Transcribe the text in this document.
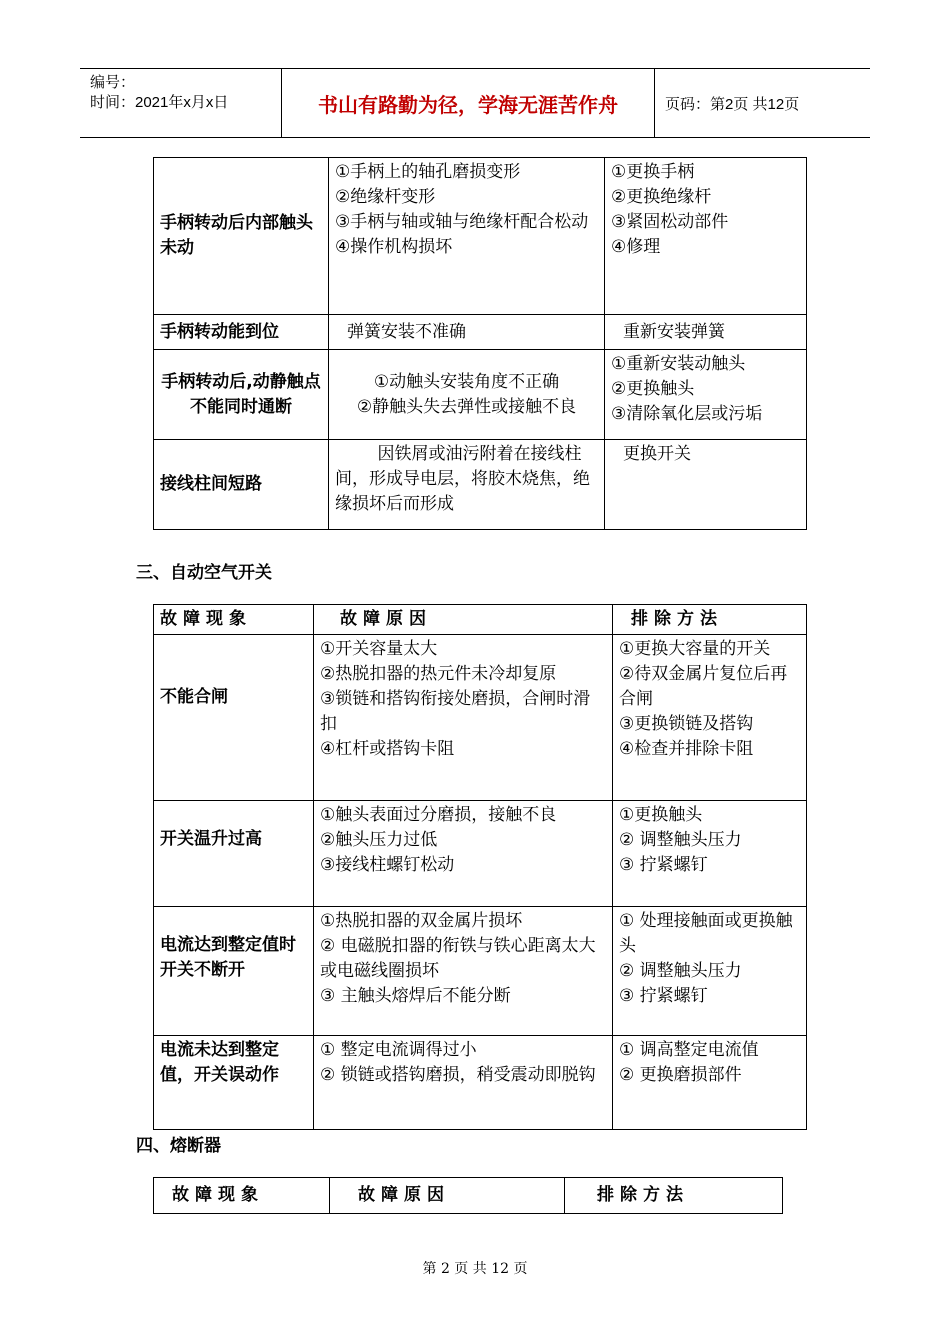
编号：
时间：2021年x月x日	书山有路勤为径，学海无涯苦作舟	页码：第2页 共12页
手柄转动后内部触头未动	①手柄上的轴孔磨损变形
②绝缘杆变形
③手柄与轴或轴与绝缘杆配合松动
④操作机构损坏	①更换手柄
②更换绝缘杆
③紧固松动部件
④修理

手柄转动能到位	弹簧安装不准确	重新安装弹簧

手柄转动后,动静触点不能同时通断	①动触头安装角度不正确
②静触头失去弹性或接触不良	①重新安装动触头
②更换触头
③清除氧化层或污垢

接线柱间短路	因铁屑或油污附着在接线柱间，形成导电层，将胶木烧焦，绝缘损坏后而形成	更换开关
三、自动空气开关
故障现象	故障原因	排除方法
不能合闸	①开关容量太大
②热脱扣器的热元件未冷却复原
③锁链和搭钩衔接处磨损，合闸时滑扣
④杠杆或搭钩卡阻	①更换大容量的开关
②待双金属片复位后再合闸
③更换锁链及搭钩
④检查并排除卡阻

开关温升过高	①触头表面过分磨损，接触不良
②触头压力过低
③接线柱螺钉松动	①更换触头
② 调整触头压力
③ 拧紧螺钉

电流达到整定值时开关不断开	①热脱扣器的双金属片损坏
② 电磁脱扣器的衔铁与铁心距离太大或电磁线圈损坏
③ 主触头熔焊后不能分断	① 处理接触面或更换触头
② 调整触头压力
③ 拧紧螺钉

电流未达到整定值，开关误动作	① 整定电流调得过小
② 锁链或搭钩磨损，稍受震动即脱钩	① 调高整定电流值
② 更换磨损部件
四、熔断器
故障现象	故障原因	排除方法
第 2 页 共 12 页
